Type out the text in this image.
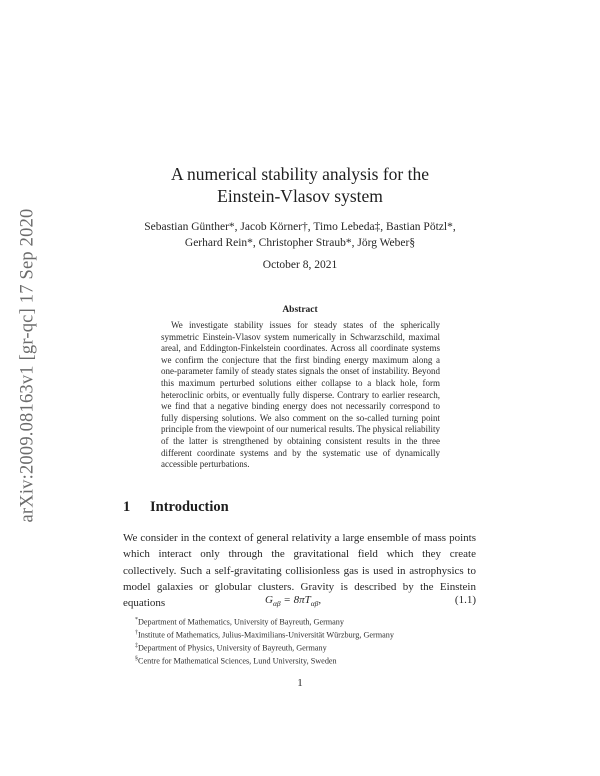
arXiv:2009.08163v1 [gr-qc] 17 Sep 2020
A numerical stability analysis for the
Einstein-Vlasov system
Sebastian Günther*, Jacob Körner†, Timo Lebeda‡, Bastian Pötzl*,
Gerhard Rein*, Christopher Straub*, Jörg Weber§
October 8, 2021
Abstract

We investigate stability issues for steady states of the spherically symmetric Einstein-Vlasov system numerically in Schwarzschild, maximal areal, and Eddington-Finkelstein coordinates. Across all coordinate systems we confirm the conjecture that the first binding energy maximum along a one-parameter family of steady states signals the onset of instability. Beyond this maximum perturbed solutions either collapse to a black hole, form heteroclinic orbits, or eventually fully disperse. Contrary to earlier research, we find that a negative binding energy does not necessarily correspond to fully dispersing solutions. We also comment on the so-called turning point principle from the viewpoint of our numerical results. The physical reliability of the latter is strengthened by obtaining consistent results in the three different coordinate systems and by the systematic use of dynamically accessible perturbations.

1 Introduction

We consider in the context of general relativity a large ensemble of mass points which interact only through the gravitational field which they create collectively. Such a self-gravitating collisionless gas is used in astrophysics to model galaxies or globular clusters. Gravity is described by the Einstein equations	$G_{\alpha\beta} = 8\pi T_{\alpha\beta}$,	(1.1)
*Department of Mathematics, University of Bayreuth, Germany
†Institute of Mathematics, Julius-Maximilians-Universität Würzburg, Germany
‡Department of Physics, University of Bayreuth, Germany
§Centre for Mathematical Sciences, Lund University, Sweden
1
